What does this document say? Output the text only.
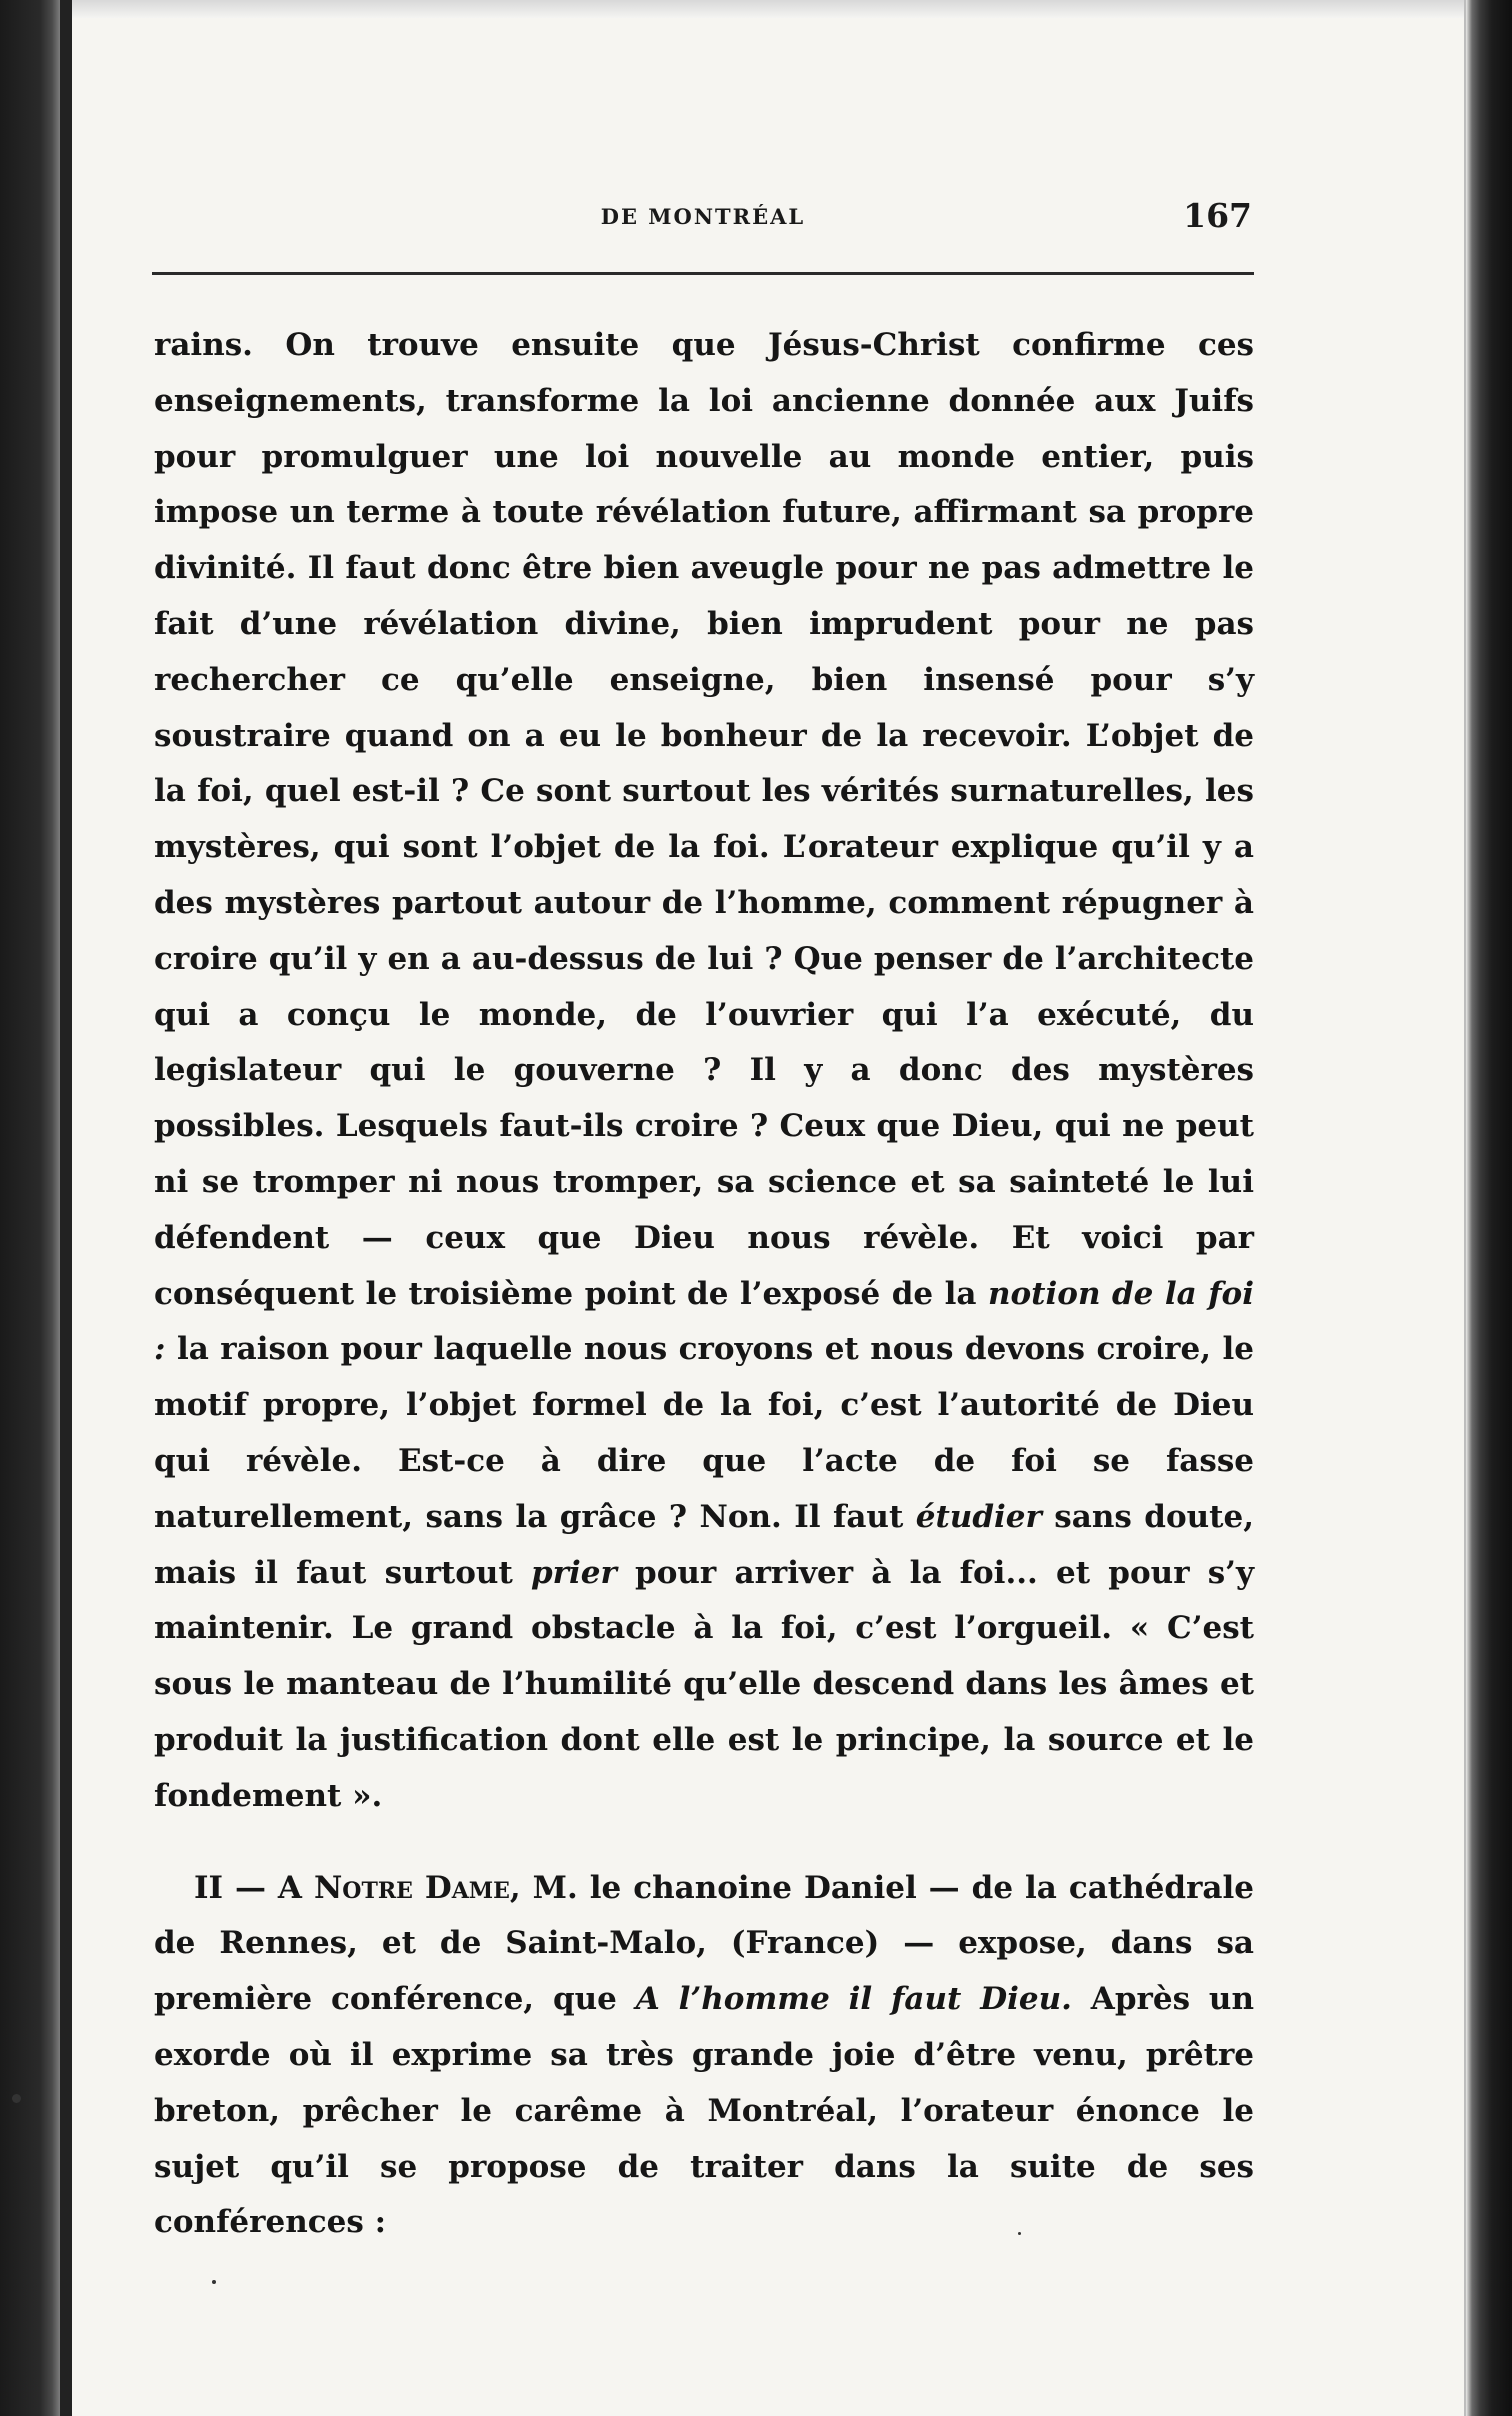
DE MONTRÉAL	167

rains. On trouve ensuite que Jésus-Christ confirme ces enseignements, transforme la loi ancienne donnée aux Juifs pour promulguer une loi nouvelle au monde entier, puis impose un terme à toute révélation future, affirmant sa propre divinité. Il faut donc être bien aveugle pour ne pas admettre le fait d’une révélation divine, bien imprudent pour ne pas rechercher ce qu’elle enseigne, bien insensé pour s’y soustraire quand on a eu le bonheur de la recevoir. L’objet de la foi, quel est-il ? Ce sont surtout les vérités surnaturelles, les mystères, qui sont l’objet de la foi. L’orateur explique qu’il y a des mystères partout autour de l’homme, comment répugner à croire qu’il y en a au-dessus de lui ? Que penser de l’architecte qui a conçu le monde, de l’ouvrier qui l’a exécuté, du legislateur qui le gouverne ? Il y a donc des mystères possibles. Lesquels faut-ils croire ? Ceux que Dieu, qui ne peut ni se tromper ni nous tromper, sa science et sa sainteté le lui défendent — ceux que Dieu nous révèle. Et voici par conséquent le troisième point de l’exposé de la notion de la foi : la raison pour laquelle nous croyons et nous devons croire, le motif propre, l’objet formel de la foi, c’est l’autorité de Dieu qui révèle. Est-ce à dire que l’acte de foi se fasse naturellement, sans la grâce ? Non. Il faut étudier sans doute, mais il faut surtout prier pour arriver à la foi... et pour s’y maintenir. Le grand obstacle à la foi, c’est l’orgueil. « C’est sous le manteau de l’humilité qu’elle descend dans les âmes et produit la justification dont elle est le principe, la source et le fondement ».

II — A Notre Dame, M. le chanoine Daniel — de la cathédrale de Rennes, et de Saint-Malo, (France) — expose, dans sa première conférence, que A l’homme il faut Dieu. Après un exorde où il exprime sa très grande joie d’être venu, prêtre breton, prêcher le carême à Montréal, l’orateur énonce le sujet qu’il se propose de traiter dans la suite de ses conférences :
